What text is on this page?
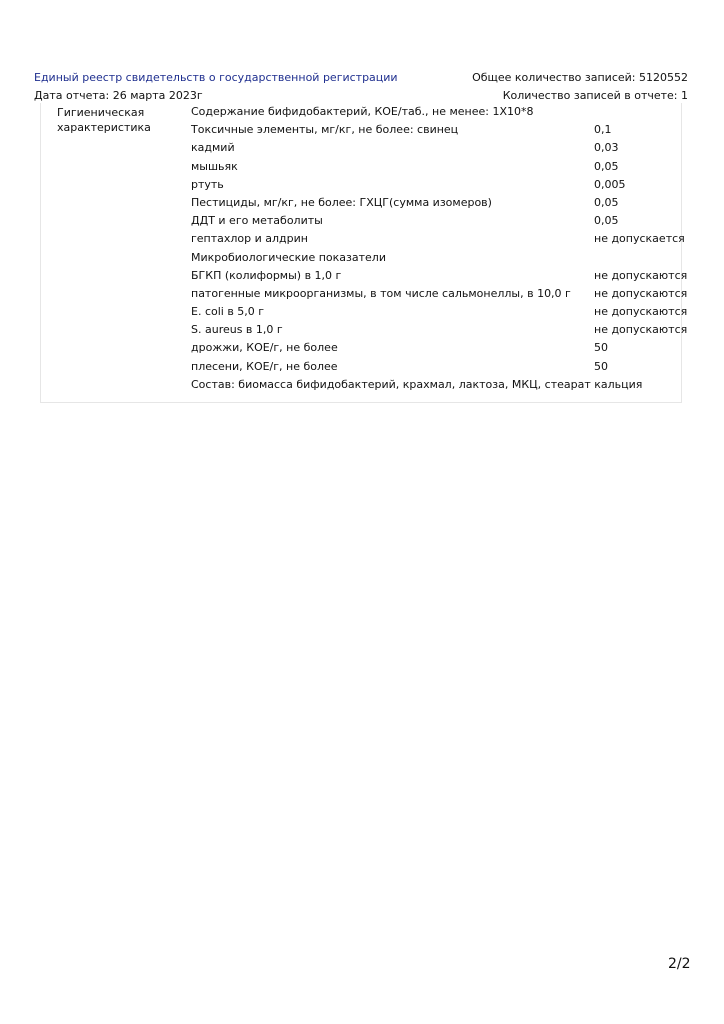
Единый реестр свидетельств о государственной регистрации	Общее количество записей: 5120552
Дата отчета: 26 марта 2023г	Количество записей в отчете: 1
Гигиеническая
характеристика
Содержание бифидобактерий, КОЕ/таб., не менее: 1X10*8
Токсичные элементы, мг/кг, не более: свинец	0,1
кадмий	0,03
мышьяк	0,05
ртуть	0,005
Пестициды, мг/кг, не более: ГХЦГ(сумма изомеров)	0,05
ДДТ и его метаболиты	0,05
гептахлор и алдрин	не допускается
Микробиологические показатели
БГКП (колиформы) в 1,0 г	не допускаются
патогенные микроорганизмы, в том числе сальмонеллы, в 10,0 г не допускаются
E. coli в 5,0 г	не допускаются
S. aureus в 1,0 г	не допускаются
дрожжи, КОЕ/г, не более	50
плесени, КОЕ/г, не более	50
Состав: биомасса бифидобактерий, крахмал, лактоза, МКЦ, стеарат кальция
2/2
